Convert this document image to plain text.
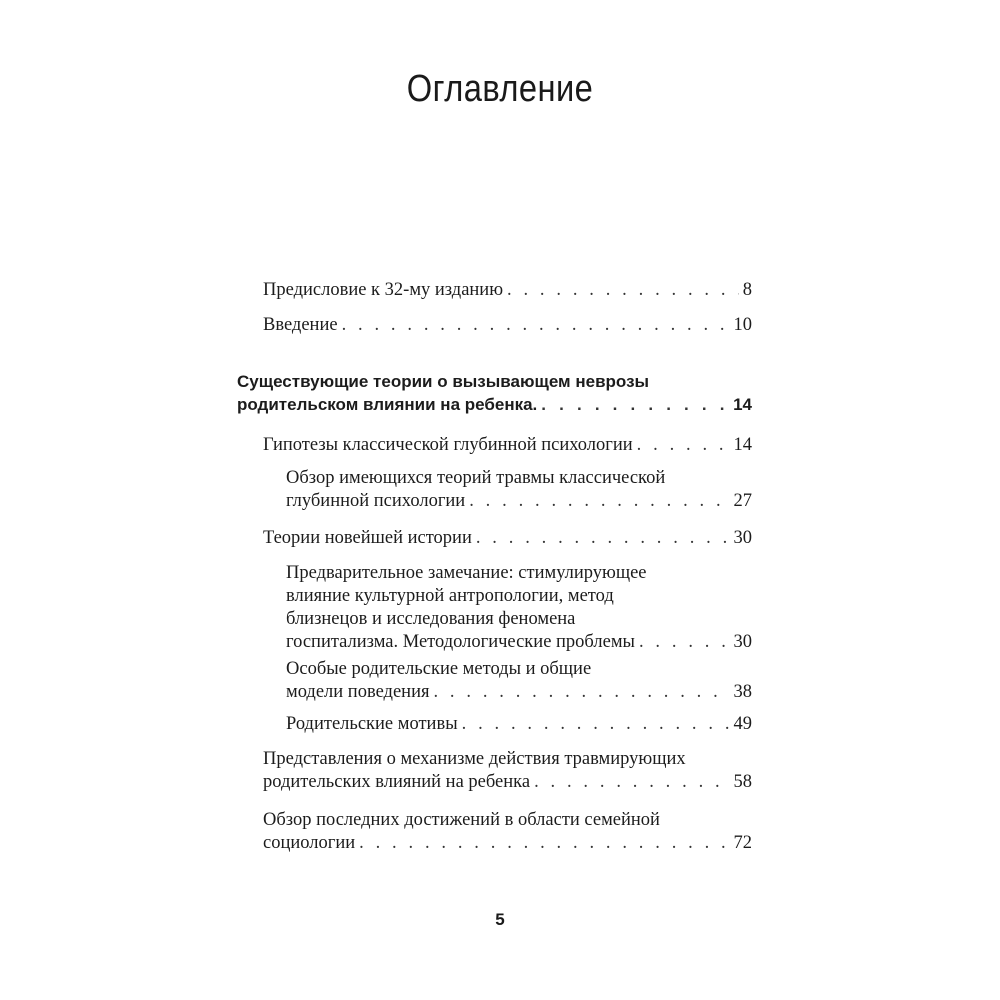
Оглавление
Предисловие к 32-му изданию . . .	8
Введение . . .	10
Существующие теории о вызывающем неврозы
родительском влиянии на ребенка. . . .	14
Гипотезы классической глубинной психологии . . .	14
Обзор имеющихся теорий травмы классической
глубинной психологии . . .	27
Теории новейшей истории . . .	30
Предварительное замечание: стимулирующее
влияние культурной антропологии, метод
близнецов и исследования феномена
госпитализма. Методологические проблемы . . .	30
Особые родительские методы и общие
модели поведения . . .	38
Родительские мотивы . . .	49
Представления о механизме действия травмирующих
родительских влияний на ребенка . . .	58
Обзор последних достижений в области семейной
социологии . . .	72
5
